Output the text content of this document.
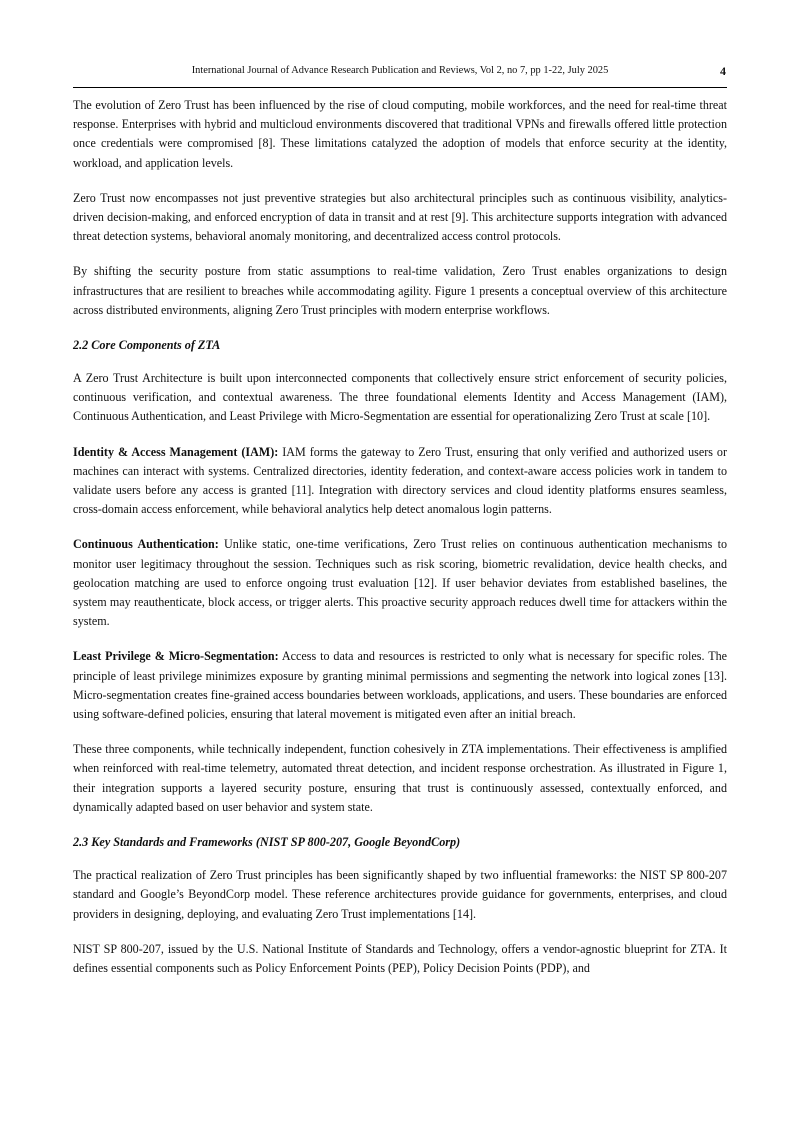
International Journal of Advance Research Publication and Reviews, Vol 2, no 7, pp 1-22, July 2025	4

The evolution of Zero Trust has been influenced by the rise of cloud computing, mobile workforces, and the need for real-time threat response. Enterprises with hybrid and multicloud environments discovered that traditional VPNs and firewalls offered little protection once credentials were compromised [8]. These limitations catalyzed the adoption of models that enforce security at the identity, workload, and application levels.

Zero Trust now encompasses not just preventive strategies but also architectural principles such as continuous visibility, analytics-driven decision-making, and enforced encryption of data in transit and at rest [9]. This architecture supports integration with advanced threat detection systems, behavioral anomaly monitoring, and decentralized access control protocols.

By shifting the security posture from static assumptions to real-time validation, Zero Trust enables organizations to design infrastructures that are resilient to breaches while accommodating agility. Figure 1 presents a conceptual overview of this architecture across distributed environments, aligning Zero Trust principles with modern enterprise workflows.

2.2 Core Components of ZTA

A Zero Trust Architecture is built upon interconnected components that collectively ensure strict enforcement of security policies, continuous verification, and contextual awareness. The three foundational elements Identity and Access Management (IAM), Continuous Authentication, and Least Privilege with Micro-Segmentation are essential for operationalizing Zero Trust at scale [10].

Identity & Access Management (IAM): IAM forms the gateway to Zero Trust, ensuring that only verified and authorized users or machines can interact with systems. Centralized directories, identity federation, and context-aware access policies work in tandem to validate users before any access is granted [11]. Integration with directory services and cloud identity platforms ensures seamless, cross-domain access enforcement, while behavioral analytics help detect anomalous login patterns.

Continuous Authentication: Unlike static, one-time verifications, Zero Trust relies on continuous authentication mechanisms to monitor user legitimacy throughout the session. Techniques such as risk scoring, biometric revalidation, device health checks, and geolocation matching are used to enforce ongoing trust evaluation [12]. If user behavior deviates from established baselines, the system may reauthenticate, block access, or trigger alerts. This proactive security approach reduces dwell time for attackers within the system.

Least Privilege & Micro-Segmentation: Access to data and resources is restricted to only what is necessary for specific roles. The principle of least privilege minimizes exposure by granting minimal permissions and segmenting the network into logical zones [13]. Micro-segmentation creates fine-grained access boundaries between workloads, applications, and users. These boundaries are enforced using software-defined policies, ensuring that lateral movement is mitigated even after an initial breach.

These three components, while technically independent, function cohesively in ZTA implementations. Their effectiveness is amplified when reinforced with real-time telemetry, automated threat detection, and incident response orchestration. As illustrated in Figure 1, their integration supports a layered security posture, ensuring that trust is continuously assessed, contextually enforced, and dynamically adapted based on user behavior and system state.

2.3 Key Standards and Frameworks (NIST SP 800-207, Google BeyondCorp)

The practical realization of Zero Trust principles has been significantly shaped by two influential frameworks: the NIST SP 800-207 standard and Google’s BeyondCorp model. These reference architectures provide guidance for governments, enterprises, and cloud providers in designing, deploying, and evaluating Zero Trust implementations [14].

NIST SP 800-207, issued by the U.S. National Institute of Standards and Technology, offers a vendor-agnostic blueprint for ZTA. It defines essential components such as Policy Enforcement Points (PEP), Policy Decision Points (PDP), and
